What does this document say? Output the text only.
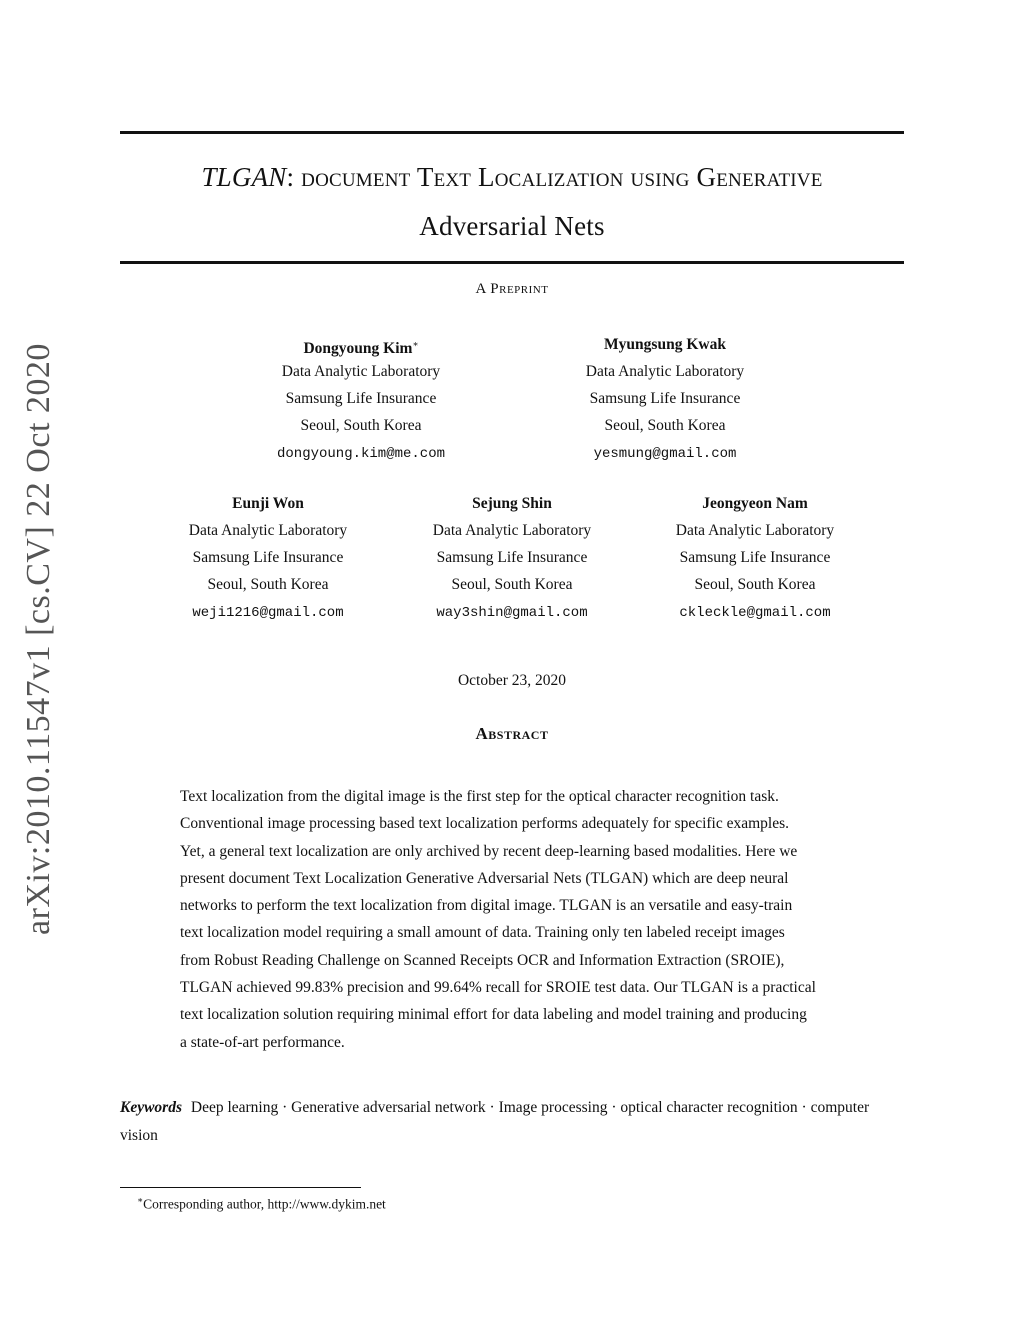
arXiv:2010.11547v1 [cs.CV] 22 Oct 2020
TLGAN: document Text Localization using Generative
Adversarial Nets
A Preprint
Dongyoung Kim∗
Data Analytic Laboratory
Samsung Life Insurance
Seoul, South Korea
dongyoung.kim@me.com
Myungsung Kwak
Data Analytic Laboratory
Samsung Life Insurance
Seoul, South Korea
yesmung@gmail.com
Eunji Won
Data Analytic Laboratory
Samsung Life Insurance
Seoul, South Korea
weji1216@gmail.com
Sejung Shin
Data Analytic Laboratory
Samsung Life Insurance
Seoul, South Korea
way3shin@gmail.com
Jeongyeon Nam
Data Analytic Laboratory
Samsung Life Insurance
Seoul, South Korea
ckleckle@gmail.com
October 23, 2020
Abstract
Text localization from the digital image is the first step for the optical character recognition task.
Conventional image processing based text localization performs adequately for specific examples.
Yet, a general text localization are only archived by recent deep-learning based modalities. Here we
present document Text Localization Generative Adversarial Nets (TLGAN) which are deep neural
networks to perform the text localization from digital image. TLGAN is an versatile and easy-train
text localization model requiring a small amount of data. Training only ten labeled receipt images
from Robust Reading Challenge on Scanned Receipts OCR and Information Extraction (SROIE),
TLGAN achieved 99.83% precision and 99.64% recall for SROIE test data. Our TLGAN is a practical
text localization solution requiring minimal effort for data labeling and model training and producing
a state-of-art performance.
Keywords Deep learning · Generative adversarial network · Image processing · optical character recognition · computer vision
∗Corresponding author, http://www.dykim.net
